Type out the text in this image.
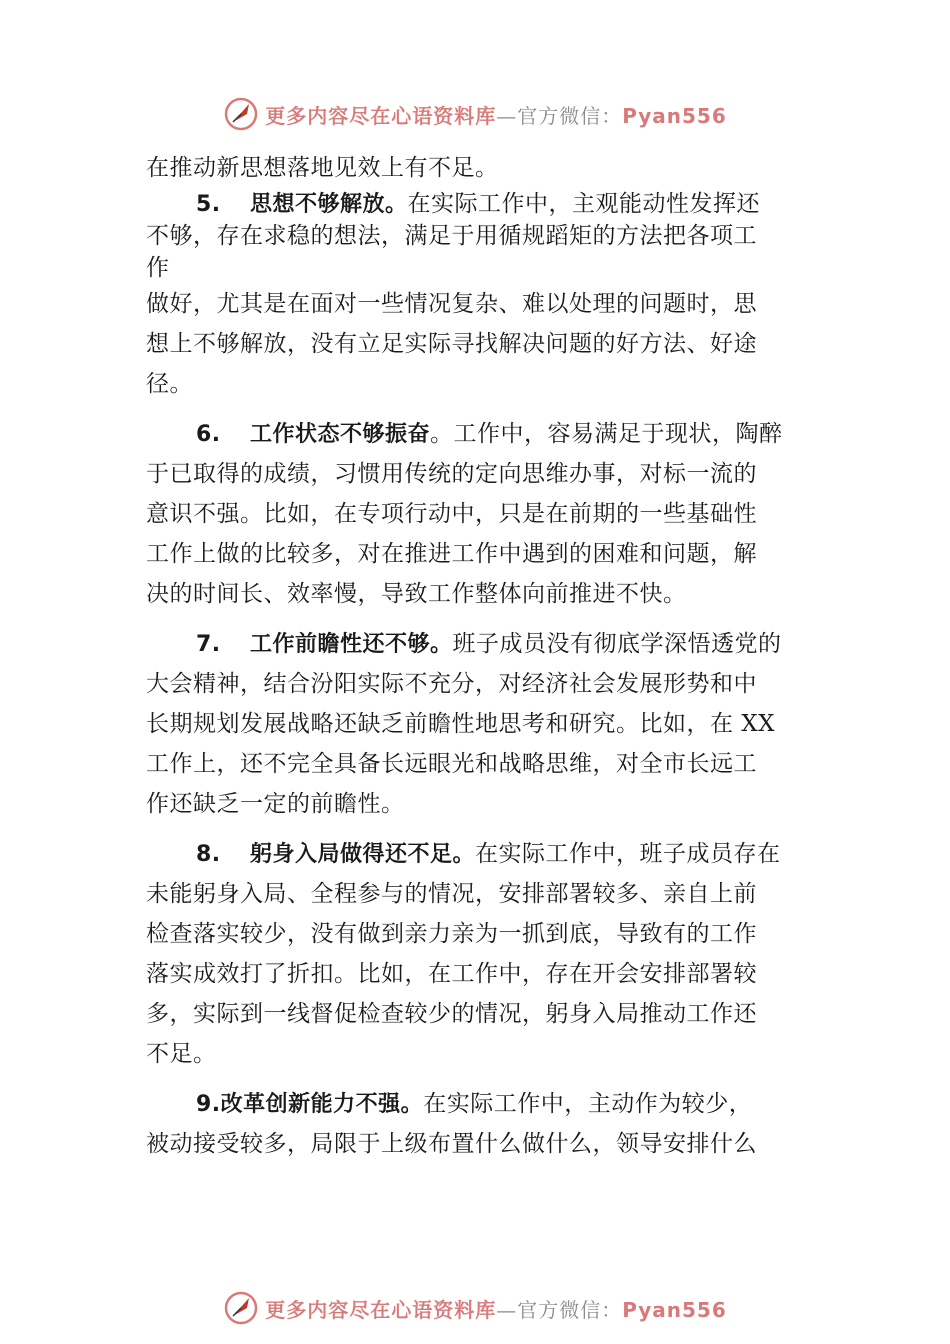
更多内容尽在心语资料库—官方微信：Pyan556
在推动新思想落地见效上有不足。
5. 思想不够解放。在实际工作中，主观能动性发挥还
不够，存在求稳的想法，满足于用循规蹈矩的方法把各项工
作
做好，尤其是在面对一些情况复杂、难以处理的问题时，思
想上不够解放，没有立足实际寻找解决问题的好方法、好途
径。
6. 工作状态不够振奋。工作中，容易满足于现状，陶醉
于已取得的成绩，习惯用传统的定向思维办事，对标一流的
意识不强。比如，在专项行动中，只是在前期的一些基础性
工作上做的比较多，对在推进工作中遇到的困难和问题，解
决的时间长、效率慢，导致工作整体向前推进不快。
7. 工作前瞻性还不够。班子成员没有彻底学深悟透党的
大会精神，结合汾阳实际不充分，对经济社会发展形势和中
长期规划发展战略还缺乏前瞻性地思考和研究。比如，在 XX
工作上，还不完全具备长远眼光和战略思维，对全市长远工
作还缺乏一定的前瞻性。
8. 躬身入局做得还不足。在实际工作中，班子成员存在
未能躬身入局、全程参与的情况，安排部署较多、亲自上前
检查落实较少，没有做到亲力亲为一抓到底，导致有的工作
落实成效打了折扣。比如，在工作中，存在开会安排部署较
多，实际到一线督促检查较少的情况，躬身入局推动工作还
不足。
9.改革创新能力不强。在实际工作中，主动作为较少，
被动接受较多，局限于上级布置什么做什么，领导安排什么
更多内容尽在心语资料库—官方微信：Pyan556
